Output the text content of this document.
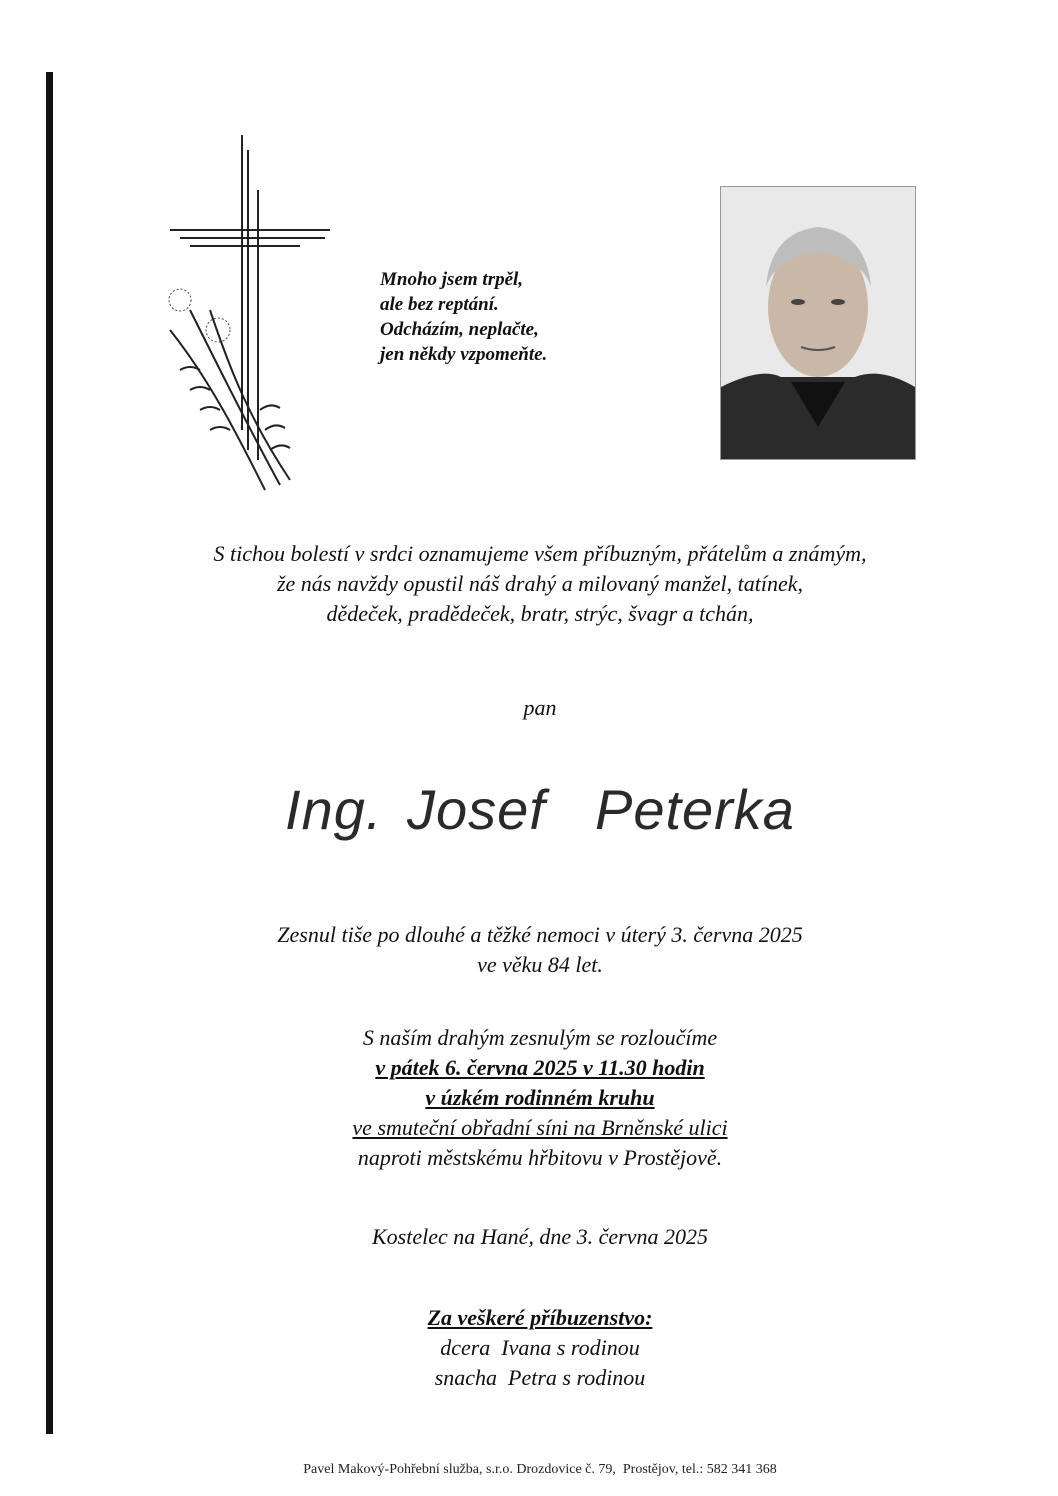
Mnoho jsem trpěl,
ale bez reptání.
Odcházím, neplačte,
jen někdy vzpomeňte.
S tichou bolestí v srdci oznamujeme všem příbuzným, přátelům a známým,
že nás navždy opustil náš drahý a milovaný manžel, tatínek,
dědeček, pradědeček, bratr, strýc, švagr a tchán,
pan
Ing. Josef  Peterka
Zesnul tiše po dlouhé a těžké nemoci v úterý 3. června 2025
ve věku 84 let.
S naším drahým zesnulým se rozloučíme
v pátek 6. června 2025 v 11.30 hodin
v úzkém rodinném kruhu
ve smuteční obřadní síni na Brněnské ulici
naproti městskému hřbitovu v Prostějově.
Kostelec na Hané, dne 3. června 2025
Za veškeré příbuzenstvo:
dcera  Ivana s rodinou
snacha  Petra s rodinou
Pavel Makový-Pohřební služba, s.r.o. Drozdovice č. 79,  Prostějov, tel.: 582 341 368
